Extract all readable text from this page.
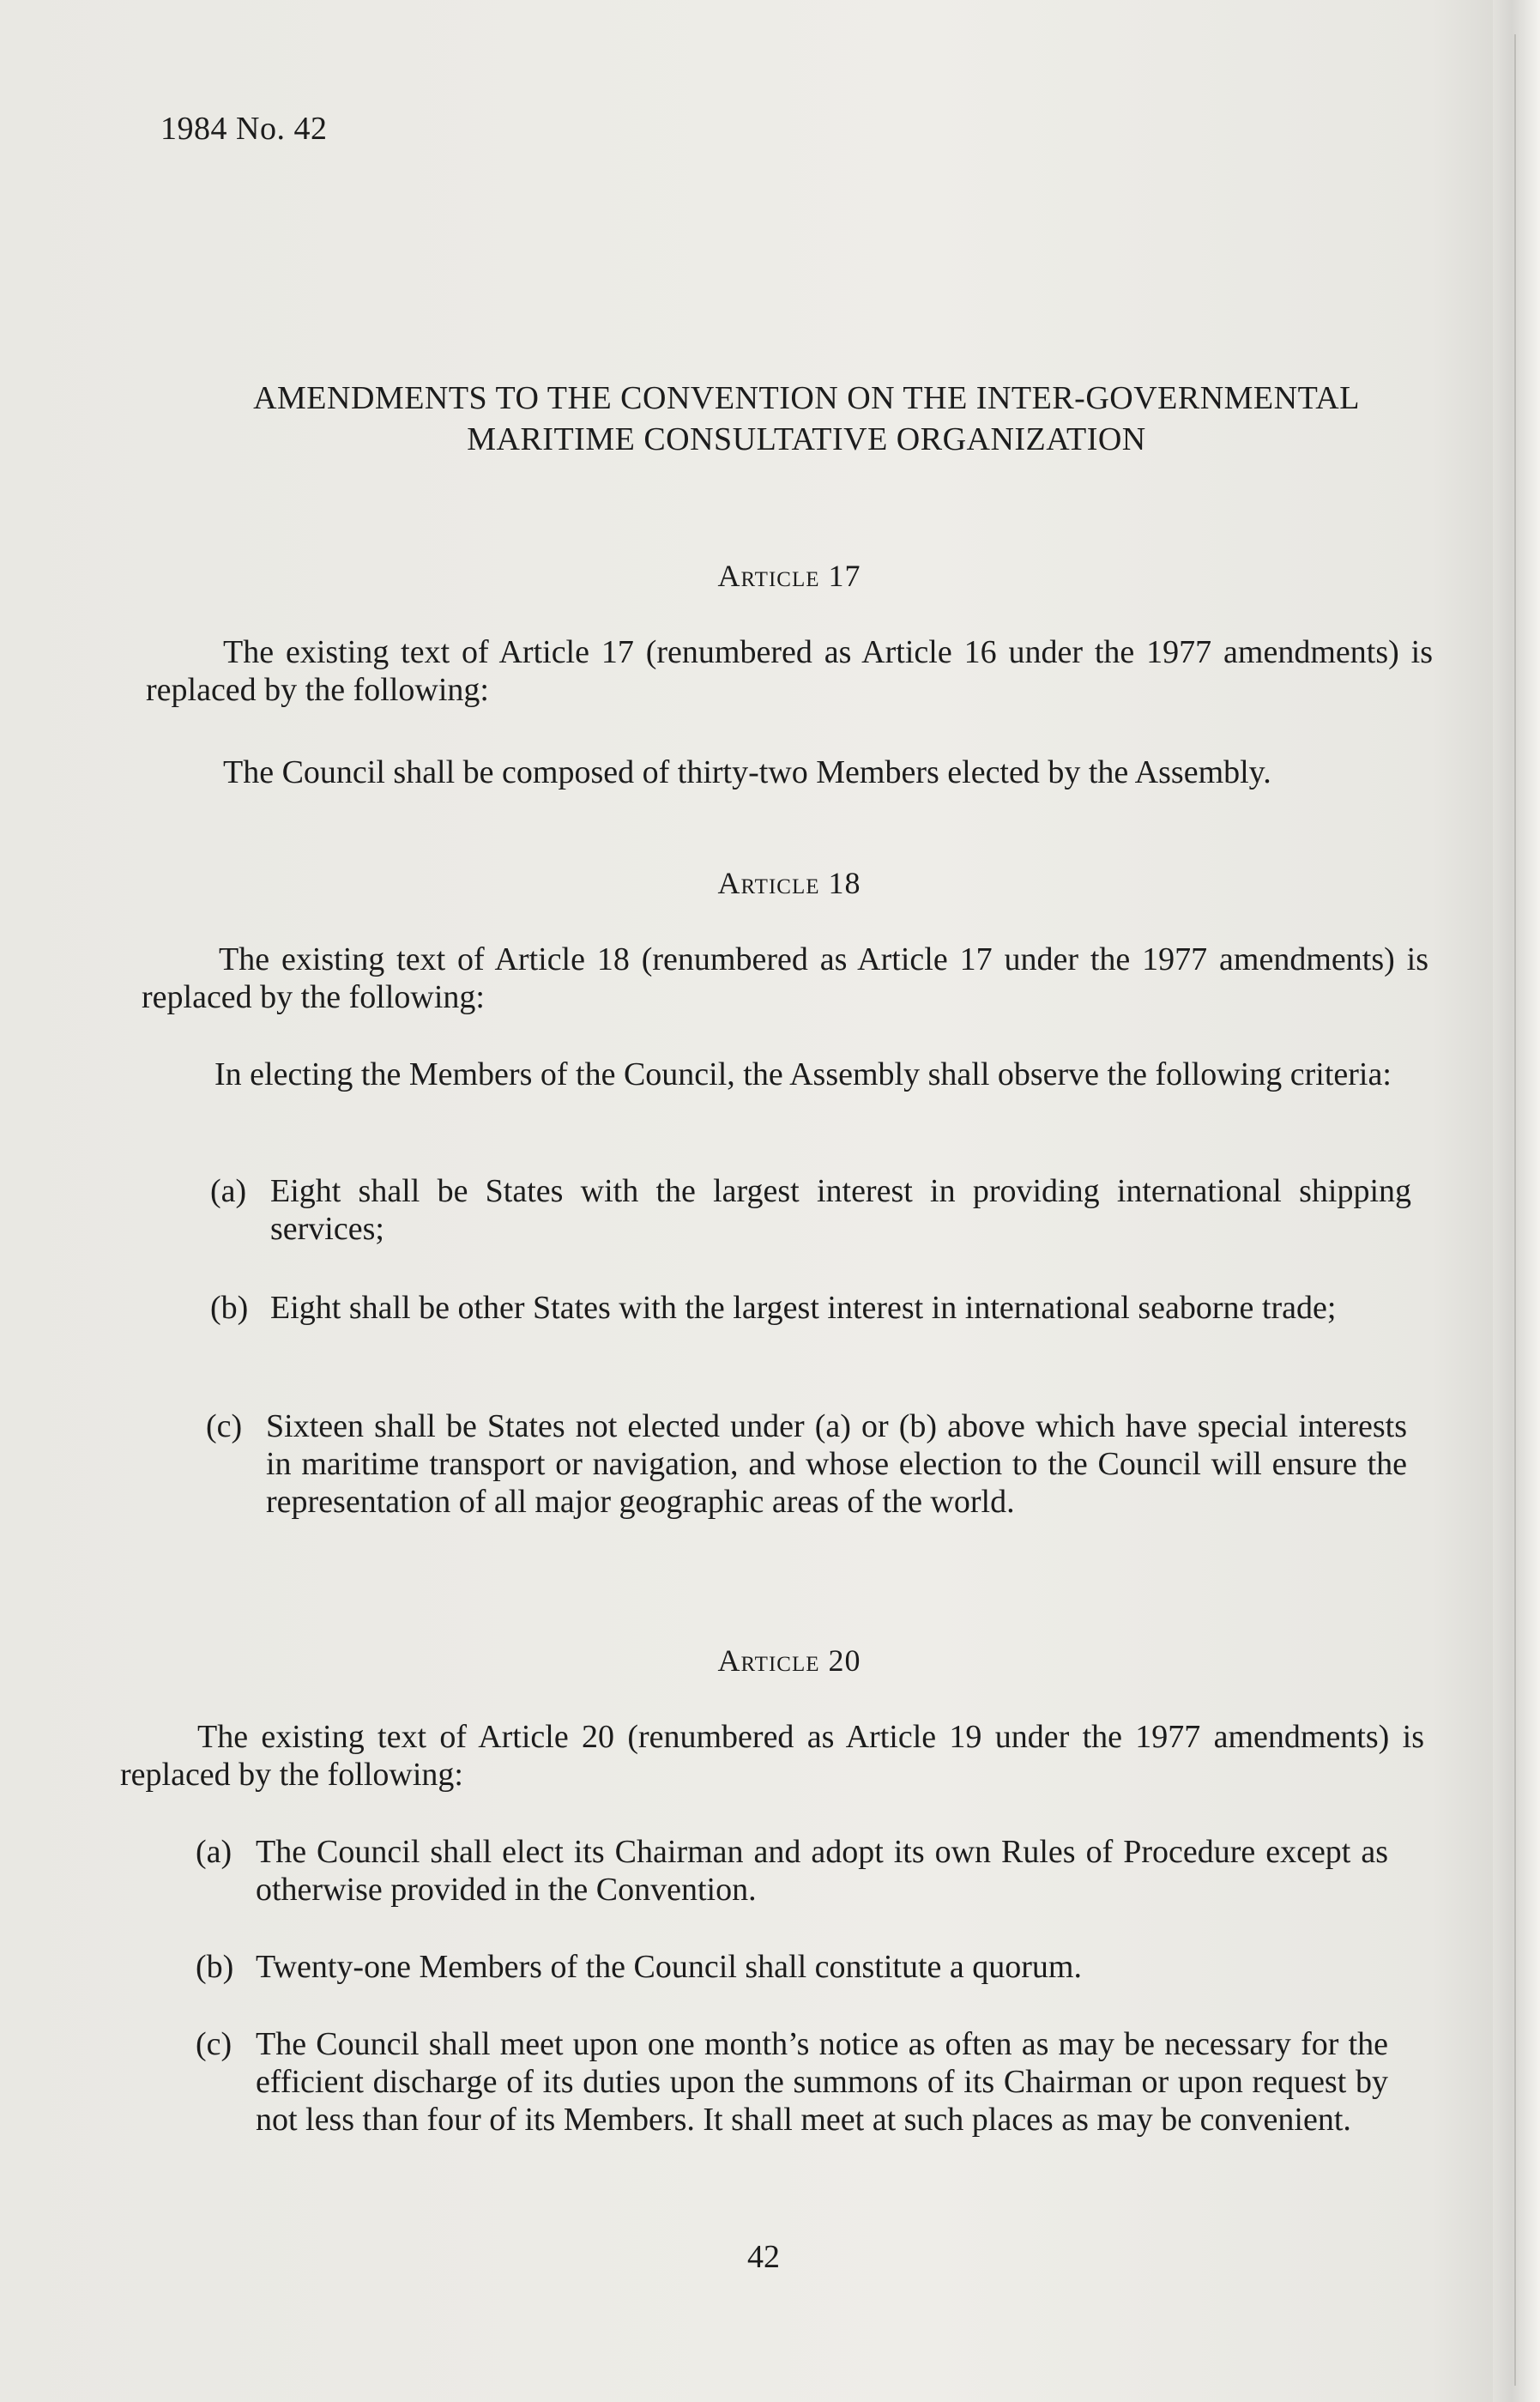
1984 No. 42
AMENDMENTS TO THE CONVENTION ON THE INTER-GOVERNMENTAL
MARITIME CONSULTATIVE ORGANIZATION
Article 17
The existing text of Article 17 (renumbered as Article 16 under the 1977 amendments) is replaced by the following:
The Council shall be composed of thirty-two Members elected by the Assembly.
Article 18
The existing text of Article 18 (renumbered as Article 17 under the 1977 amendments) is replaced by the following:
In electing the Members of the Council, the Assembly shall observe the following criteria:
(a) Eight shall be States with the largest interest in providing international shipping services;
(b) Eight shall be other States with the largest interest in international seaborne trade;
(c) Sixteen shall be States not elected under (a) or (b) above which have special interests in maritime transport or navigation, and whose election to the Council will ensure the representation of all major geographic areas of the world.
Article 20
The existing text of Article 20 (renumbered as Article 19 under the 1977 amendments) is replaced by the following:
(a) The Council shall elect its Chairman and adopt its own Rules of Procedure except as otherwise provided in the Convention.
(b) Twenty-one Members of the Council shall constitute a quorum.
(c) The Council shall meet upon one month’s notice as often as may be necessary for the efficient discharge of its duties upon the summons of its Chairman or upon request by not less than four of its Members. It shall meet at such places as may be convenient.
42
